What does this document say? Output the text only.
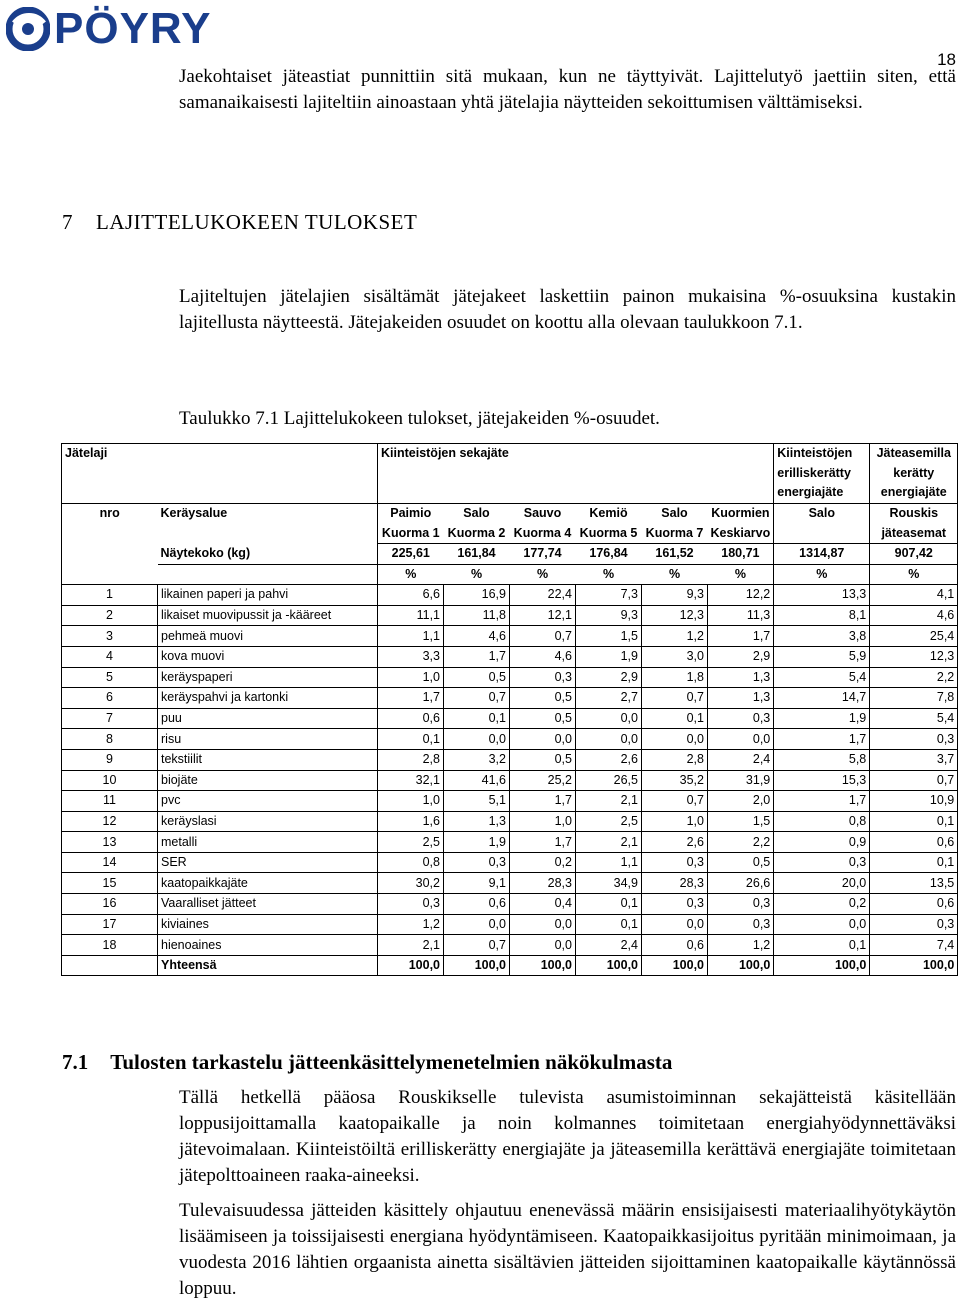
PÖYRY
18
Jaekohtaiset jäteastiat punnittiin sitä mukaan, kun ne täyttyivät. Lajittelutyö jaettiin siten, että samanaikaisesti lajiteltiin ainoastaan yhtä jätelajia näytteiden sekoittumisen välttämiseksi.
7 LAJITTELUKOKEEN TULOKSET
Lajiteltujen jätelajien sisältämät jätejakeet laskettiin painon mukaisina %-osuuksina kustakin lajitellusta näytteestä. Jätejakeiden osuudet on koottu alla olevaan taulukkoon 7.1.
Taulukko 7.1 Lajittelukokeen tulokset, jätejakeiden %-osuudet.
Jätelaji		Kiinteistöjen sekajäte						Kiinteistöjen	Jäteasemilla
								erilliskerätty	kerätty
								energiajäte	energiajäte
nro	Keräysalue	Paimio	Salo	Sauvo	Kemiö	Salo	Kuormien	Salo	Rouskis
		Kuorma 1	Kuorma 2	Kuorma 4	Kuorma 5	Kuorma 7	Keskiarvo		jäteasemat
	Näytekoko (kg)	225,61	161,84	177,74	176,84	161,52	180,71	1314,87	907,42
		%	%	%	%	%	%	%	%
1	likainen paperi ja pahvi	6,6	16,9	22,4	7,3	9,3	12,2	13,3	4,1
2	likaiset muovipussit ja -kääreet	11,1	11,8	12,1	9,3	12,3	11,3	8,1	4,6
3	pehmeä muovi	1,1	4,6	0,7	1,5	1,2	1,7	3,8	25,4
4	kova muovi	3,3	1,7	4,6	1,9	3,0	2,9	5,9	12,3
5	keräyspaperi	1,0	0,5	0,3	2,9	1,8	1,3	5,4	2,2
6	keräyspahvi ja kartonki	1,7	0,7	0,5	2,7	0,7	1,3	14,7	7,8
7	puu	0,6	0,1	0,5	0,0	0,1	0,3	1,9	5,4
8	risu	0,1	0,0	0,0	0,0	0,0	0,0	1,7	0,3
9	tekstiilit	2,8	3,2	0,5	2,6	2,8	2,4	5,8	3,7
10	biojäte	32,1	41,6	25,2	26,5	35,2	31,9	15,3	0,7
11	pvc	1,0	5,1	1,7	2,1	0,7	2,0	1,7	10,9
12	keräyslasi	1,6	1,3	1,0	2,5	1,0	1,5	0,8	0,1
13	metalli	2,5	1,9	1,7	2,1	2,6	2,2	0,9	0,6
14	SER	0,8	0,3	0,2	1,1	0,3	0,5	0,3	0,1
15	kaatopaikkajäte	30,2	9,1	28,3	34,9	28,3	26,6	20,0	13,5
16	Vaaralliset jätteet	0,3	0,6	0,4	0,1	0,3	0,3	0,2	0,6
17	kiviaines	1,2	0,0	0,0	0,1	0,0	0,3	0,0	0,3
18	hienoaines	2,1	0,7	0,0	2,4	0,6	1,2	0,1	7,4
	Yhteensä	100,0	100,0	100,0	100,0	100,0	100,0	100,0	100,0
7.1 Tulosten tarkastelu jätteenkäsittelymenetelmien näkökulmasta
Tällä hetkellä pääosa Rouskikselle tulevista asumistoiminnan sekajätteistä käsitellään loppusijoittamalla kaatopaikalle ja noin kolmannes toimitetaan energiahyödynnettäväksi jätevoimalaan. Kiinteistöiltä erilliskerätty energiajäte ja jäteasemilla kerättävä energiajäte toimitetaan jätepolttoaineen raaka-aineeksi.
Tulevaisuudessa jätteiden käsittely ohjautuu enenevässä määrin ensisijaisesti materiaalihyötykäytön lisäämiseen ja toissijaisesti energiana hyödyntämiseen. Kaatopaikkasijoitus pyritään minimoimaan, ja vuodesta 2016 lähtien orgaanista ainetta sisältävien jätteiden sijoittaminen kaatopaikalle käytännössä loppuu.
